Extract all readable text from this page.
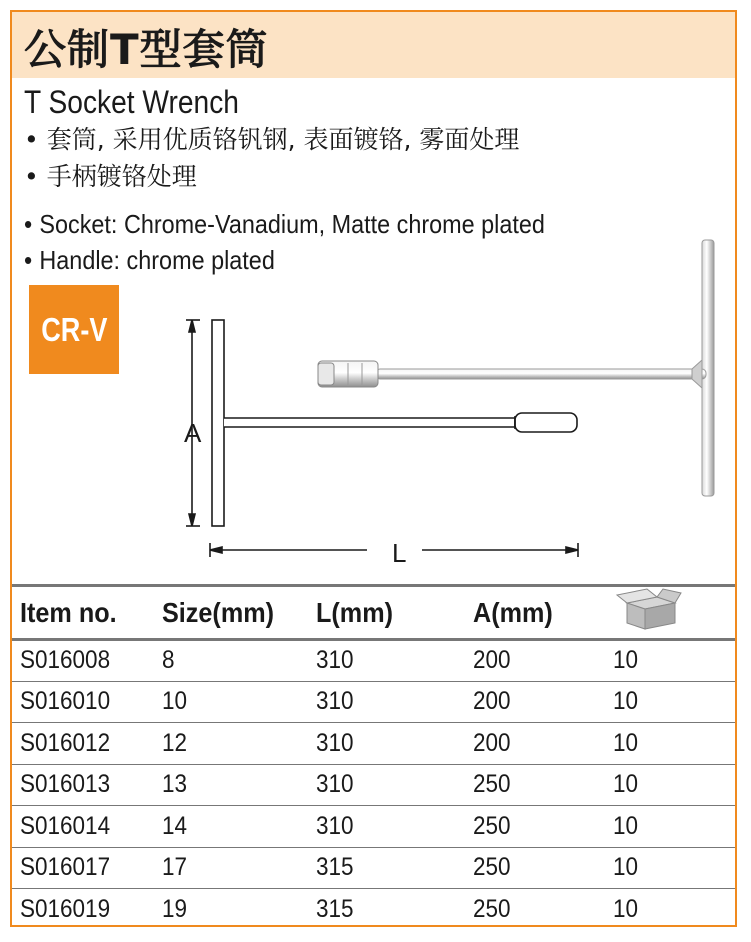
公制T型套筒
T Socket Wrench
• 套筒, 采用优质铬钒钢, 表面镀铬, 雾面处理
• 手柄镀铬处理
• Socket: Chrome-Vanadium, Matte chrome plated
• Handle: chrome plated
CR-V
A
L
Item no.	Size(mm)	L(mm)	A(mm)	
S016008	8	310	200	10
S016010	10	310	200	10
S016012	12	310	200	10
S016013	13	310	250	10
S016014	14	310	250	10
S016017	17	315	250	10
S016019	19	315	250	10
